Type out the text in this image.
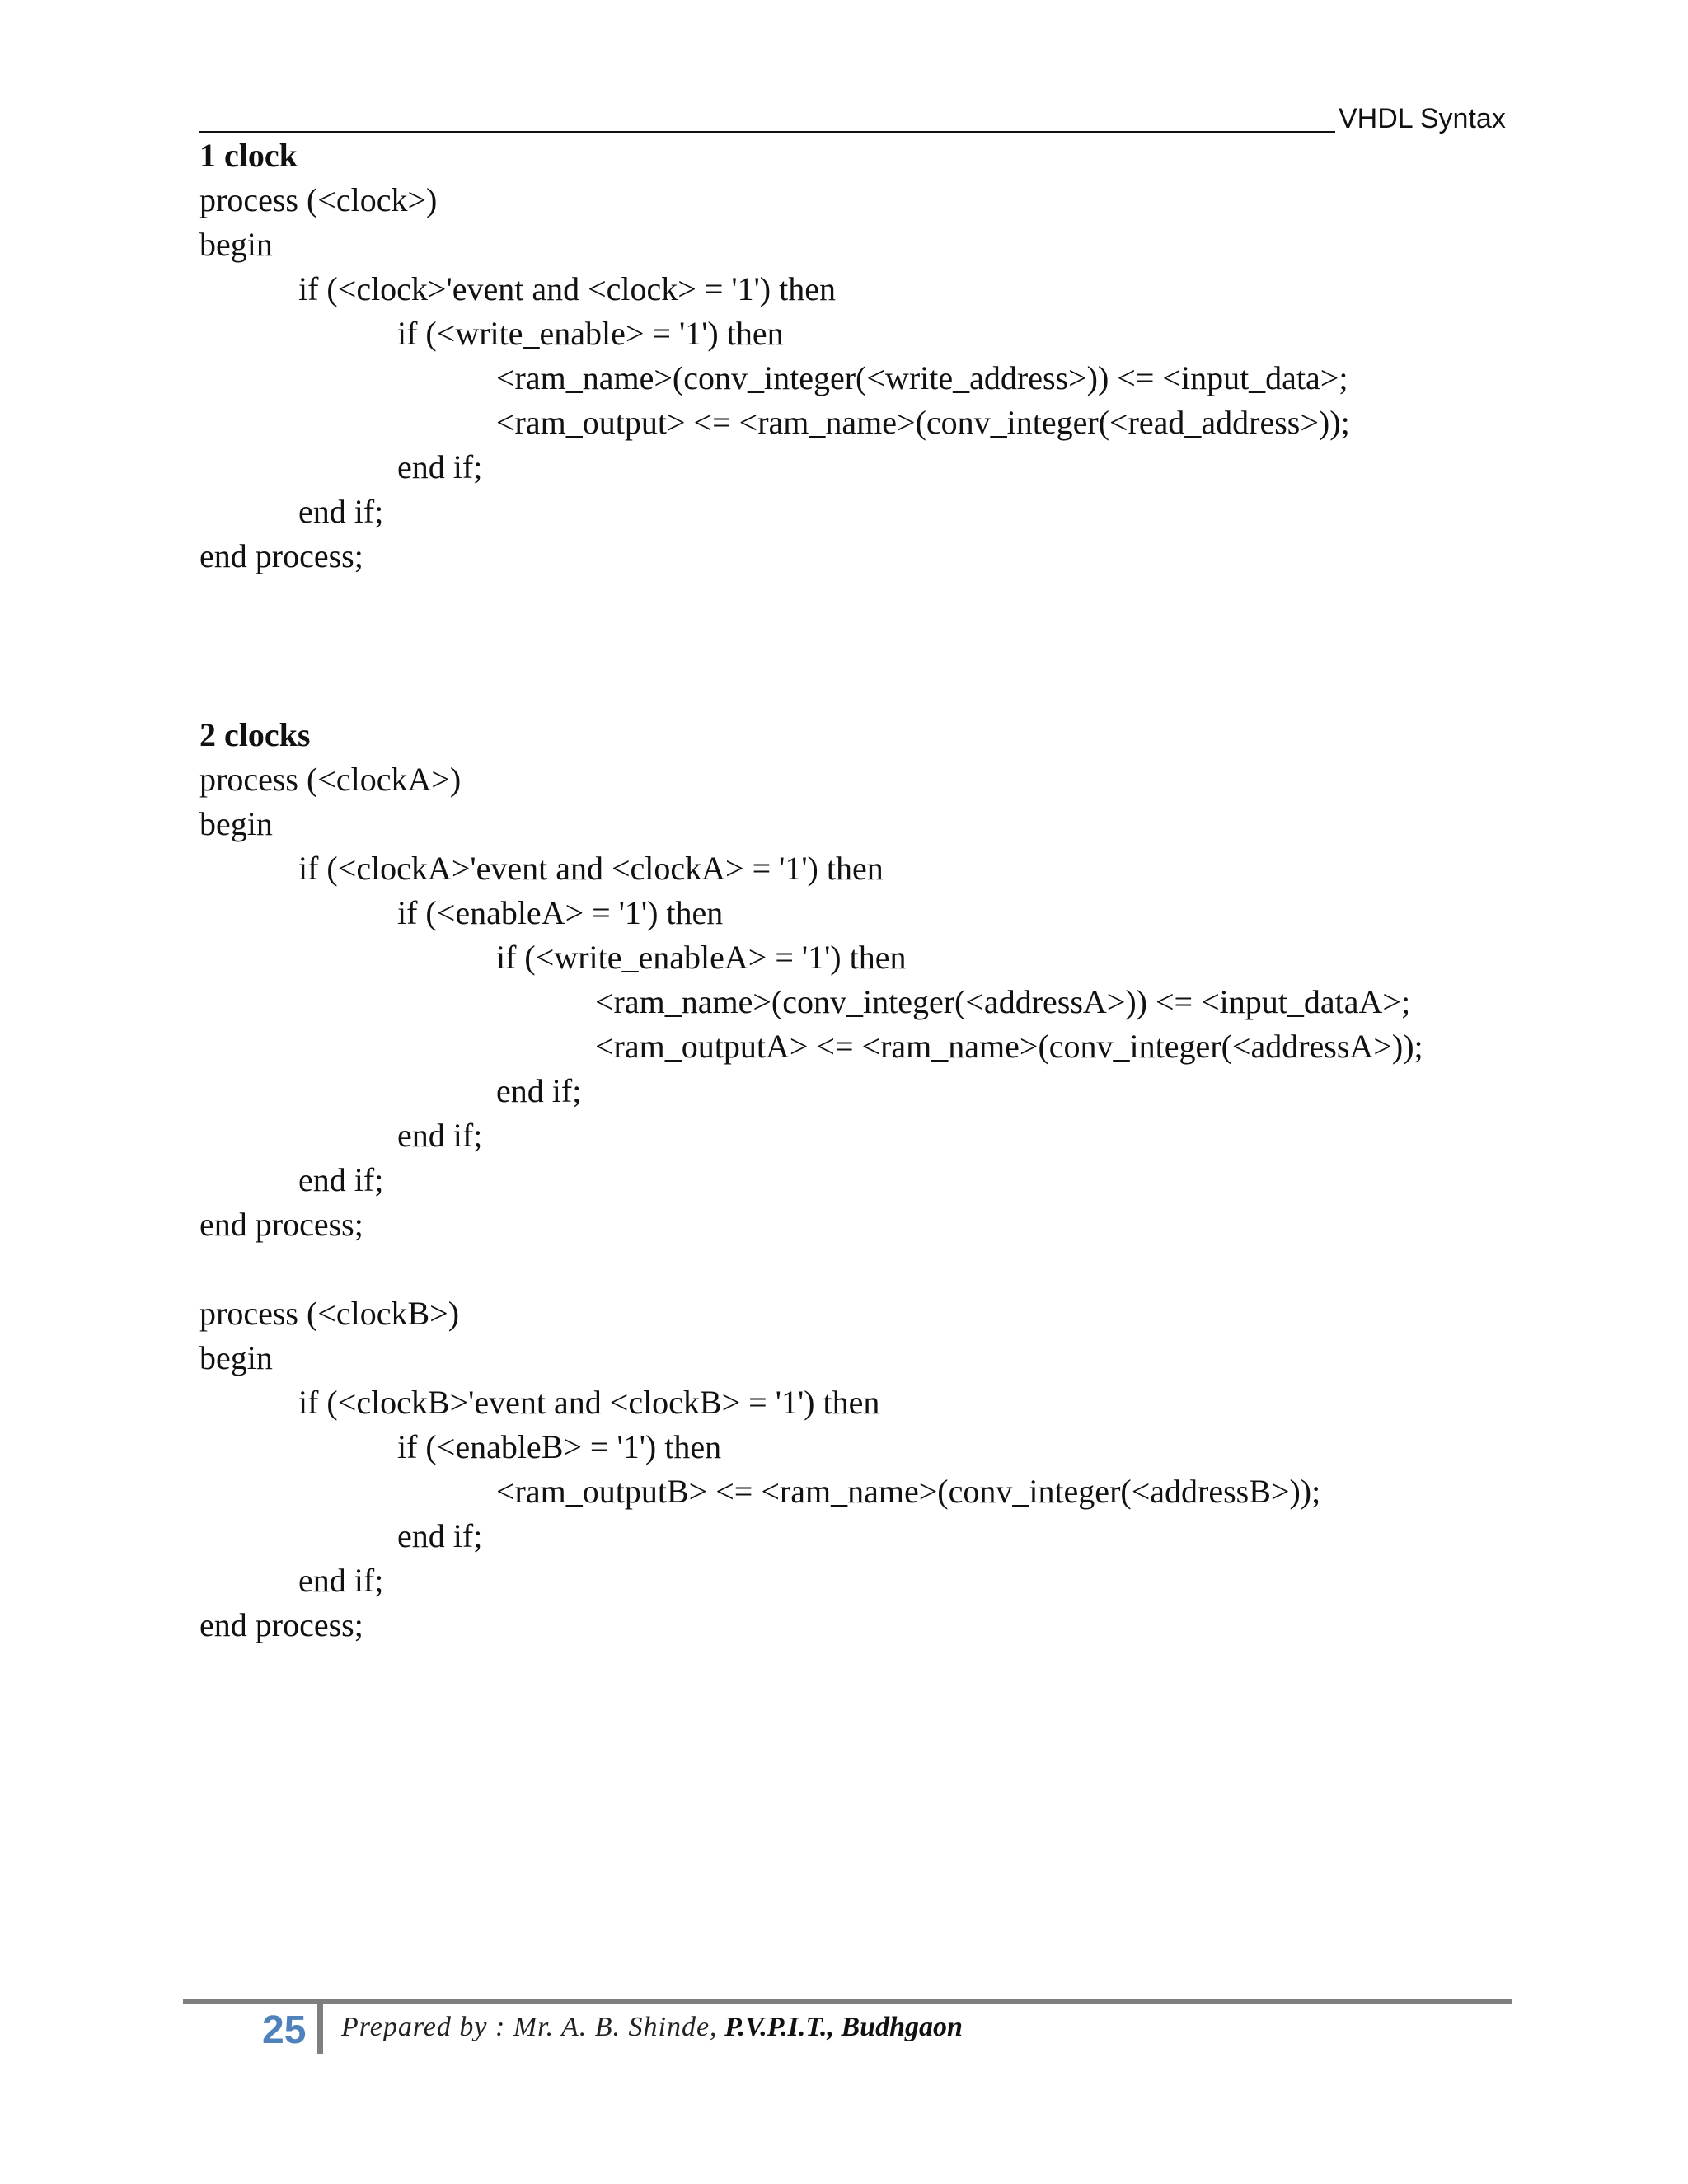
VHDL Syntax
1 clock
process (<clock>)
begin
if (<clock>'event and <clock> = '1') then
if (<write_enable> = '1') then
<ram_name>(conv_integer(<write_address>)) <= <input_data>;
<ram_output> <= <ram_name>(conv_integer(<read_address>));
end if;
end if;
end process;
2 clocks
process (<clockA>)
begin
if (<clockA>'event and <clockA> = '1') then
if (<enableA> = '1') then
if (<write_enableA> = '1') then
<ram_name>(conv_integer(<addressA>)) <= <input_dataA>;
<ram_outputA> <= <ram_name>(conv_integer(<addressA>));
end if;
end if;
end if;
end process;
process (<clockB>)
begin
if (<clockB>'event and <clockB> = '1') then
if (<enableB> = '1') then
<ram_outputB> <= <ram_name>(conv_integer(<addressB>));
end if;
end if;
end process;
25 Prepared by : Mr. A. B. Shinde, P.V.P.I.T., Budhgaon
